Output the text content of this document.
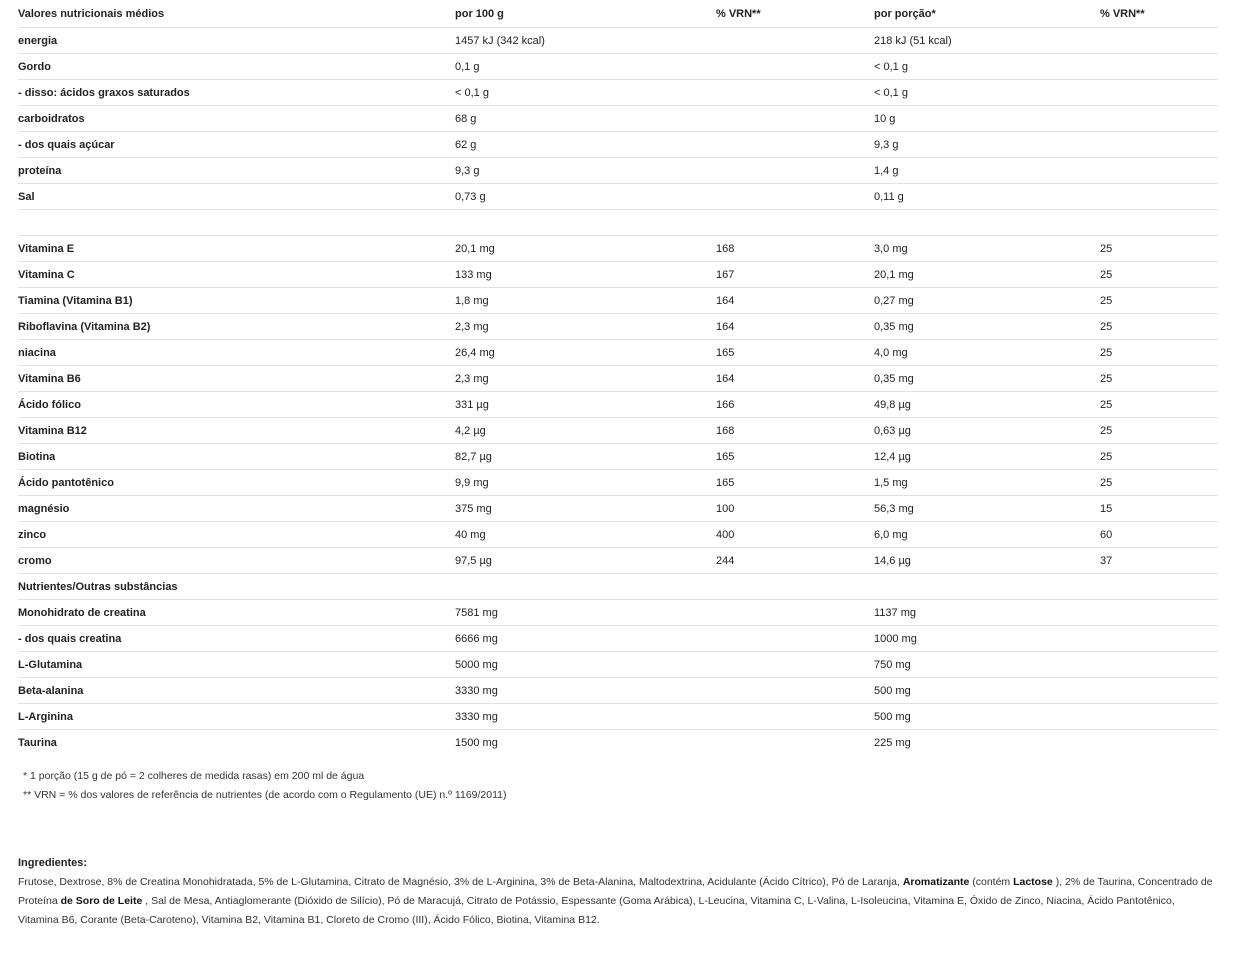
Valores nutricionais médios	por 100 g	% VRN**	por porção*	% VRN**
energia	1457 kJ (342 kcal)		218 kJ (51 kcal)	
Gordo	0,1 g		< 0,1 g	
- disso: ácidos graxos saturados	< 0,1 g		< 0,1 g	
carboidratos	68 g		10 g	
- dos quais açúcar	62 g		9,3 g	
proteína	9,3 g		1,4 g	
Sal	0,73 g		0,11 g	

Vitamina E	20,1 mg	168	3,0 mg	25
Vitamina C	133 mg	167	20,1 mg	25
Tiamina (Vitamina B1)	1,8 mg	164	0,27 mg	25
Riboflavina (Vitamina B2)	2,3 mg	164	0,35 mg	25
niacina	26,4 mg	165	4,0 mg	25
Vitamina B6	2,3 mg	164	0,35 mg	25
Ácido fólico	331 µg	166	49,8 µg	25
Vitamina B12	4,2 µg	168	0,63 µg	25
Biotina	82,7 µg	165	12,4 µg	25
Ácido pantotênico	9,9 mg	165	1,5 mg	25
magnésio	375 mg	100	56,3 mg	15
zinco	40 mg	400	6,0 mg	60
cromo	97,5 µg	244	14,6 µg	37
Nutrientes/Outras substâncias				
Monohidrato de creatina	7581 mg		1137 mg	
- dos quais creatina	6666 mg		1000 mg	
L-Glutamina	5000 mg		750 mg	
Beta-alanina	3330 mg		500 mg	
L-Arginina	3330 mg		500 mg	
Taurina	1500 mg		225 mg	
* 1 porção (15 g de pó = 2 colheres de medida rasas) em 200 ml de água
** VRN = % dos valores de referência de nutrientes (de acordo com o Regulamento (UE) n.º 1169/2011)
Ingredientes:
Frutose, Dextrose, 8% de Creatina Monohidratada, 5% de L-Glutamina, Citrato de Magnésio, 3% de L-Arginina, 3% de Beta-Alanina, Maltodextrina, Acidulante (Ácido Cítrico), Pó de Laranja, Aromatizante (contém Lactose ), 2% de Taurina, Concentrado de Proteína de Soro de Leite , Sal de Mesa, Antiaglomerante (Dióxido de Silício), Pó de Maracujá, Citrato de Potássio, Espessante (Goma Arábica), L-Leucina, Vitamina C, L-Valina, L-Isoleucina, Vitamina E, Óxido de Zinco, Niacina, Ácido Pantotênico, Vitamina B6, Corante (Beta-Caroteno), Vitamina B2, Vitamina B1, Cloreto de Cromo (III), Ácido Fólico, Biotina, Vitamina B12.
